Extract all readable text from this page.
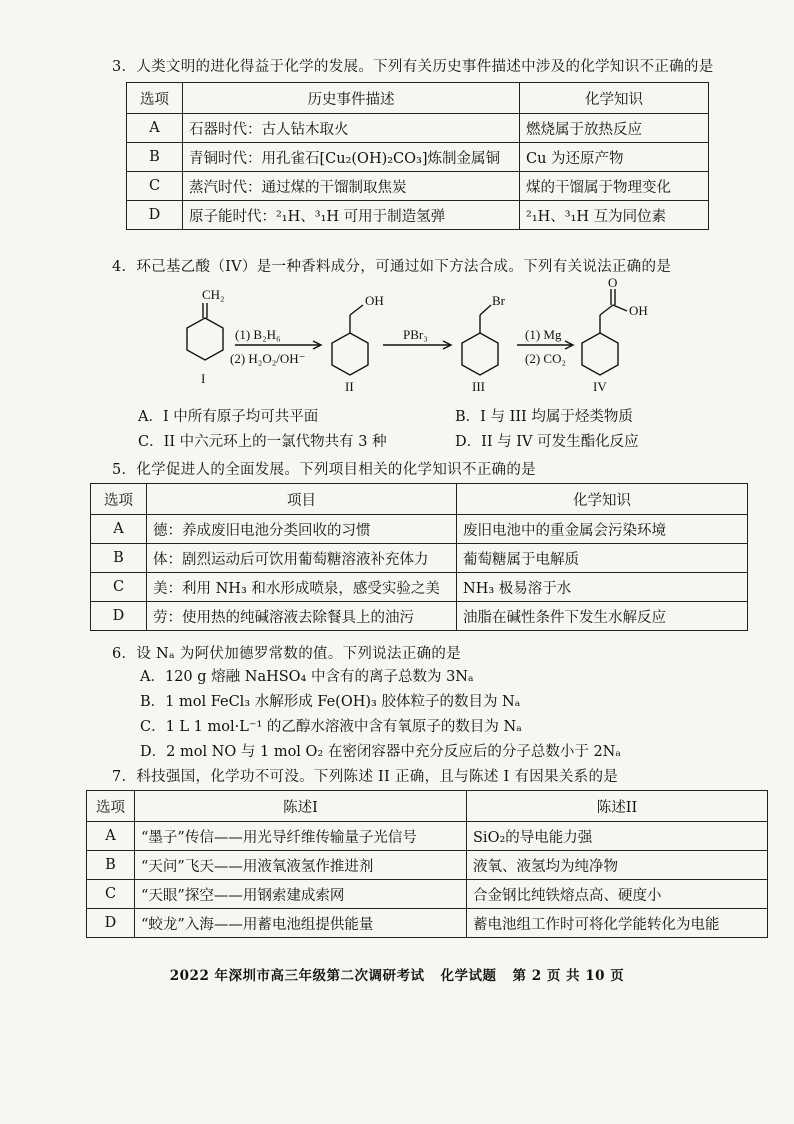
3．人类文明的进化得益于化学的发展。下列有关历史事件描述中涉及的化学知识不正确的是

选项	历史事件描述	化学知识
A	石器时代：古人钻木取火	燃烧属于放热反应
B	青铜时代：用孔雀石[Cu₂(OH)₂CO₃]炼制金属铜	Cu 为还原产物
C	蒸汽时代：通过煤的干馏制取焦炭	煤的干馏属于物理变化
D	原子能时代：²₁H、³₁H 可用于制造氢弹	²₁H、³₁H 互为同位素

4．环己基乙酸（IV）是一种香料成分，可通过如下方法合成。下列有关说法正确的是

CH₂	OH	Br
O
OH
(1) B₂H₆
(2) H₂O₂/OH⁻
PBr₃	(1) Mg
(2) CO₂
I
II	III	IV
A．I 中所有原子均可共平面	B．I 与 III 均属于烃类物质
C．II 中六元环上的一氯代物共有 3 种	D．II 与 IV 可发生酯化反应

5．化学促进人的全面发展。下列项目相关的化学知识不正确的是

选项	项目	化学知识
A	德：养成废旧电池分类回收的习惯	废旧电池中的重金属会污染环境
B	体：剧烈运动后可饮用葡萄糖溶液补充体力	葡萄糖属于电解质
C	美：利用 NH₃ 和水形成喷泉，感受实验之美	NH₃ 极易溶于水
D	劳：使用热的纯碱溶液去除餐具上的油污	油脂在碱性条件下发生水解反应

6．设 Nₐ 为阿伏加德罗常数的值。下列说法正确的是

A．120 g 熔融 NaHSO₄ 中含有的离子总数为 3Nₐ
B．1 mol FeCl₃ 水解形成 Fe(OH)₃ 胶体粒子的数目为 Nₐ
C．1 L 1 mol·L⁻¹ 的乙醇水溶液中含有氧原子的数目为 Nₐ
D．2 mol NO 与 1 mol O₂ 在密闭容器中充分反应后的分子总数小于 2Nₐ

7．科技强国，化学功不可没。下列陈述 II 正确，且与陈述 I 有因果关系的是

选项	陈述I	陈述II
A	“墨子”传信——用光导纤维传输量子光信号	SiO₂的导电能力强
B	“天问”飞天——用液氧液氢作推进剂	液氧、液氢均为纯净物
C	“天眼”探空——用钢索建成索网	合金钢比纯铁熔点高、硬度小
D	“蛟龙”入海——用蓄电池组提供能量	蓄电池组工作时可将化学能转化为电能
2022 年深圳市高三年级第二次调研考试 化学试题 第 2 页 共 10 页
